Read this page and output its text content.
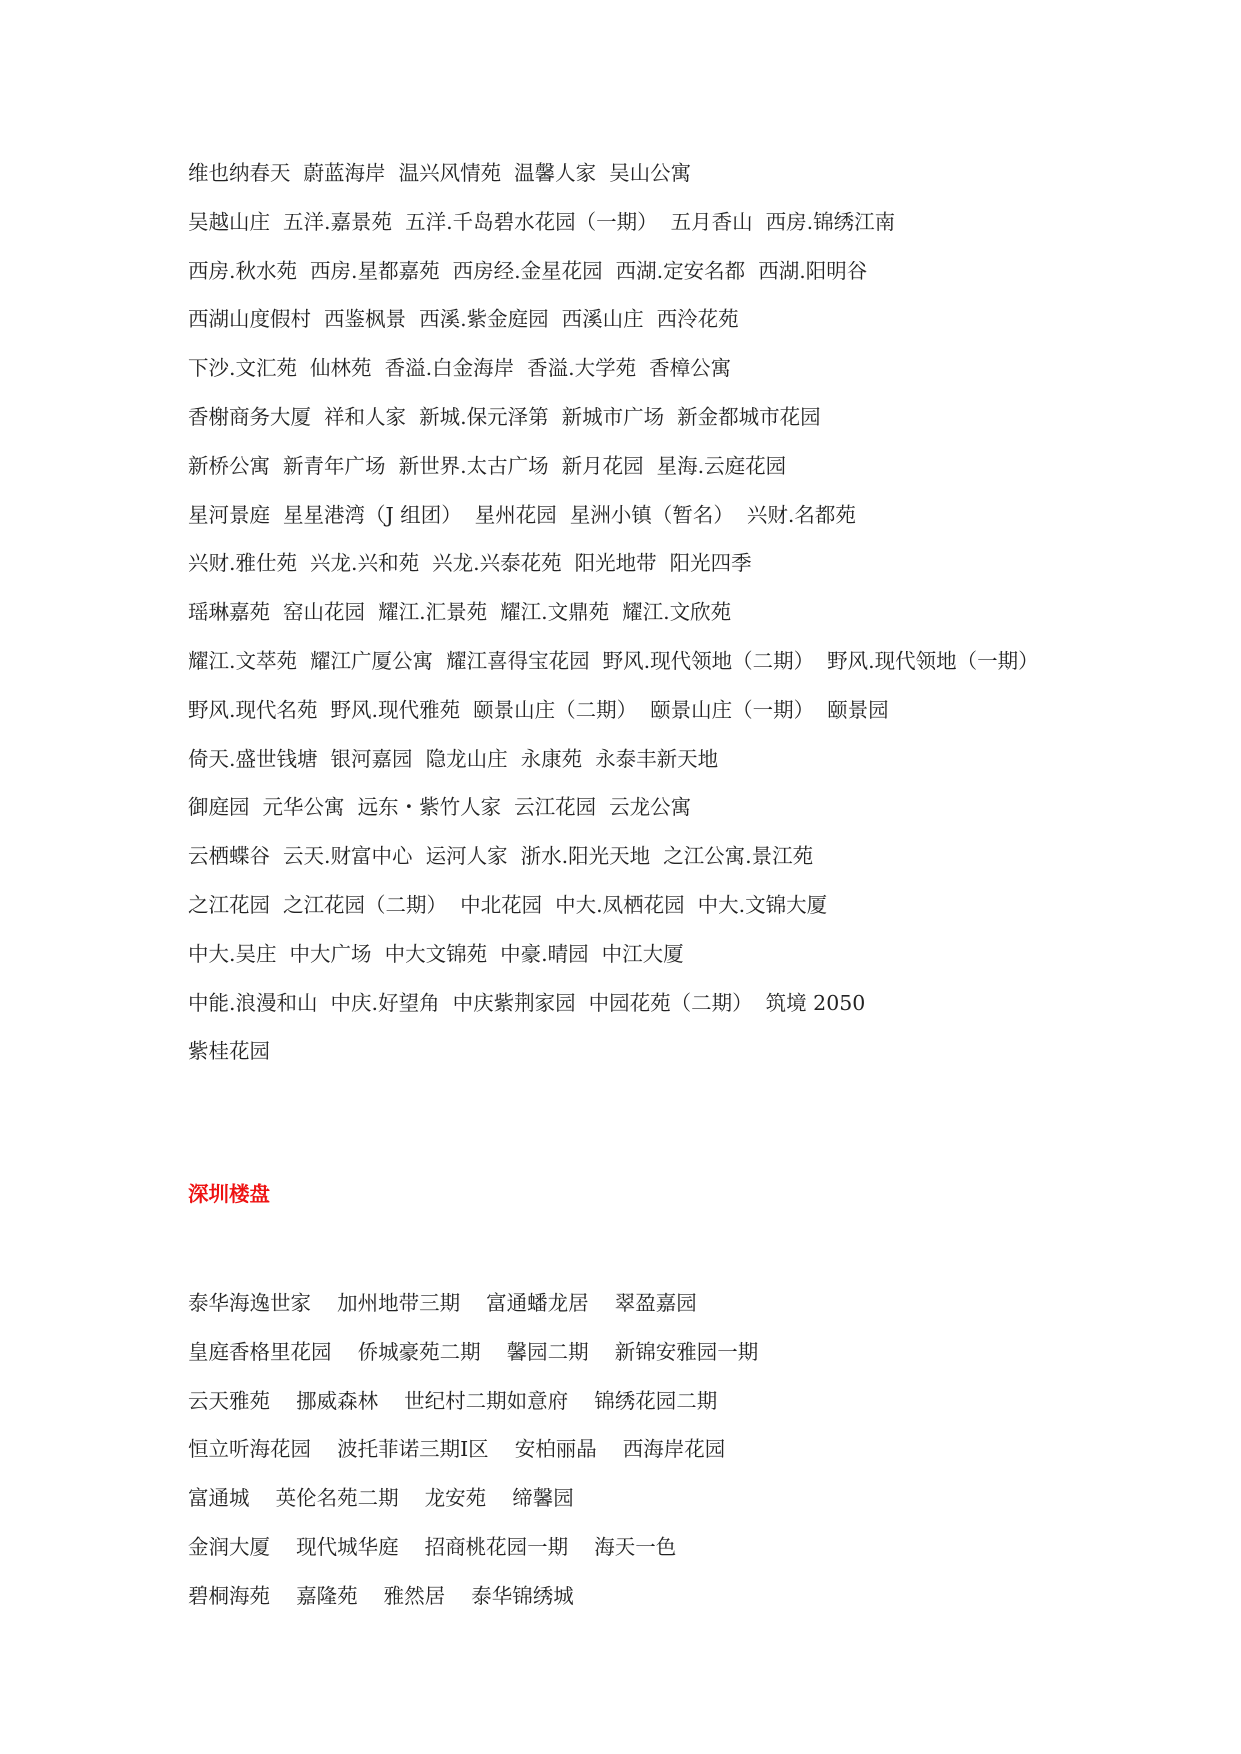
维也纳春天  蔚蓝海岸  温兴风情苑  温馨人家  吴山公寓
吴越山庄  五洋.嘉景苑  五洋.千岛碧水花园（一期）  五月香山  西房.锦绣江南
西房.秋水苑  西房.星都嘉苑  西房经.金星花园  西湖.定安名都  西湖.阳明谷
西湖山度假村  西鉴枫景  西溪.紫金庭园  西溪山庄  西泠花苑
下沙.文汇苑  仙林苑  香溢.白金海岸  香溢.大学苑  香樟公寓
香榭商务大厦  祥和人家  新城.保元泽第  新城市广场  新金都城市花园
新桥公寓  新青年广场  新世界.太古广场  新月花园  星海.云庭花园
星河景庭  星星港湾（J 组团）  星州花园  星洲小镇（暂名）  兴财.名都苑
兴财.雅仕苑  兴龙.兴和苑  兴龙.兴泰花苑  阳光地带  阳光四季
瑶琳嘉苑  窑山花园  耀江.汇景苑  耀江.文鼎苑  耀江.文欣苑
耀江.文萃苑  耀江广厦公寓  耀江喜得宝花园  野风.现代领地（二期）  野风.现代领地（一期）
野风.现代名苑  野风.现代雅苑  颐景山庄（二期）  颐景山庄（一期）  颐景园
倚天.盛世钱塘  银河嘉园  隐龙山庄  永康苑  永泰丰新天地
御庭园  元华公寓  远东・紫竹人家  云江花园  云龙公寓
云栖蝶谷  云天.财富中心  运河人家  浙水.阳光天地  之江公寓.景江苑
之江花园  之江花园（二期）  中北花园  中大.凤栖花园  中大.文锦大厦
中大.吴庄  中大广场  中大文锦苑  中豪.晴园  中江大厦
中能.浪漫和山  中庆.好望角  中庆紫荆家园  中园花苑（二期）  筑境 2050
紫桂花园
深圳楼盘
泰华海逸世家    加州地带三期    富通蟠龙居    翠盈嘉园
皇庭香格里花园    侨城豪苑二期    馨园二期    新锦安雅园一期
云天雅苑    挪威森林    世纪村二期如意府    锦绣花园二期
恒立听海花园    波托菲诺三期Ⅰ区    安柏丽晶    西海岸花园
富通城    英伦名苑二期    龙安苑    缔馨园
金润大厦    现代城华庭    招商桃花园一期    海天一色
碧桐海苑    嘉隆苑    雅然居    泰华锦绣城
